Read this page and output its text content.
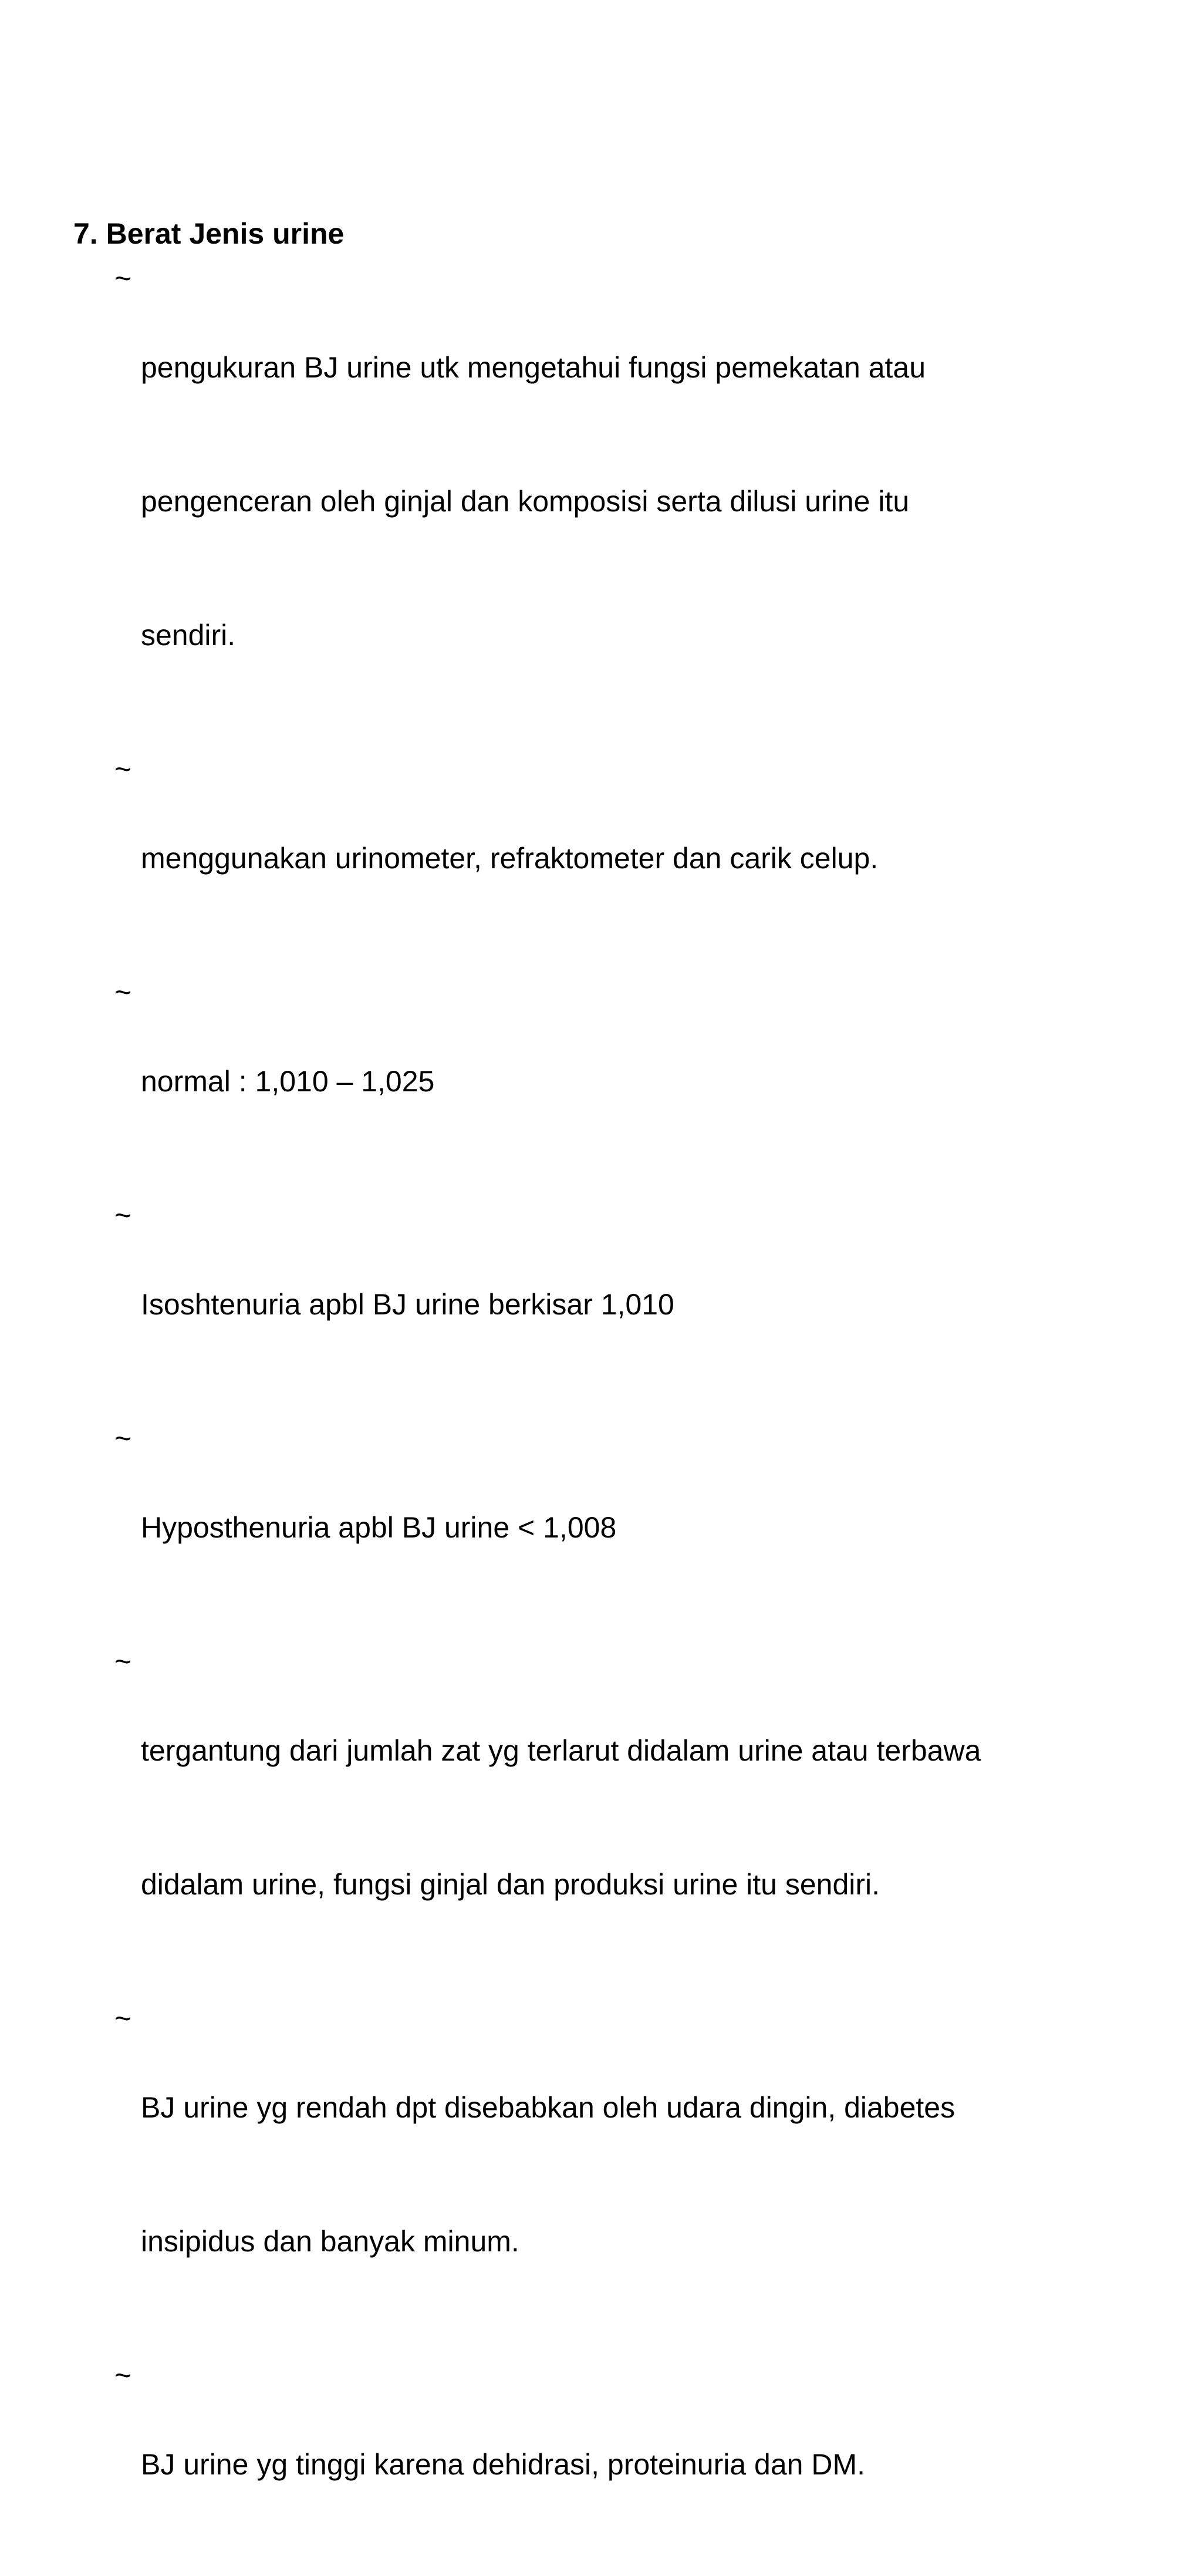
7. Berat Jenis urine
~

pengukuran BJ urine utk mengetahui fungsi pemekatan atau

pengenceran oleh ginjal dan komposisi serta dilusi urine itu

sendiri.

~

menggunakan urinometer, refraktometer dan carik celup.

~

normal : 1,010 – 1,025

~

Isoshtenuria apbl BJ urine berkisar 1,010

~

Hyposthenuria apbl BJ urine < 1,008

~

tergantung dari jumlah zat yg terlarut didalam urine atau terbawa

didalam urine, fungsi ginjal dan produksi urine itu sendiri.

~

BJ urine yg rendah dpt disebabkan oleh udara dingin, diabetes

insipidus dan banyak minum.

~

BJ urine yg tinggi karena dehidrasi, proteinuria dan DM.
